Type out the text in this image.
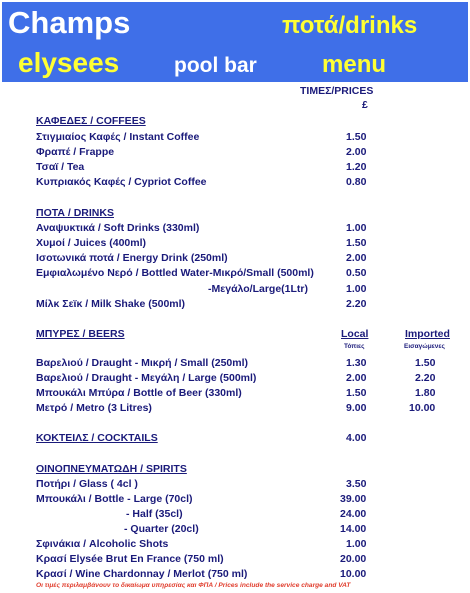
Champs
elysees	pool bar
ποτά/drinks
menu
TIMEΣ/PRICES
£
ΚΑΦΕΔΕΣ / COFFEES
Στιγμιαίος Καφές / Instant Coffee	1.50
Φραπέ / Frappe	2.00
Τσαϊ / Tea	1.20
Κυπριακός Καφές / Cypriot Coffee	0.80
ΠΟΤΑ / DRINKS
Αναψυκτικά / Soft Drinks (330ml)	1.00
Χυμοί / Juices (400ml)	1.50
Ισοτωνικά ποτά / Energy Drink (250ml)	2.00
Εμφιαλωμένο Νερό / Bottled Water-Μικρό/Small (500ml)	0.50
-Μεγάλο/Large(1Ltr)	1.00
Μίλκ Σεϊκ / Milk Shake (500ml)	2.20
ΜΠΥΡΕΣ / BEERS	Local	Imported
Τόπιες	Εισαγώμενες
Βαρελιού / Draught - Μικρή / Small (250ml)	1.30	1.50
Βαρελιού / Draught - Μεγάλη / Large (500ml)	2.00	2.20
Μπουκάλι Μπύρα / Bottle of Beer (330ml)	1.50	1.80
Μετρό / Metro (3 Litres)	9.00	10.00
ΚΟΚΤΕΙΛΣ / COCKTAILS	4.00
ΟΙΝΟΠΝΕΥΜΑΤΩΔΗ / SPIRITS
Ποτήρι / Glass ( 4cl )	3.50
Μπουκάλι / Bottle - Large (70cl)	39.00
- Half (35cl)	24.00
- Quarter (20cl)	14.00
Σφινάκια / Alcoholic Shots	1.00
Κρασί Elysée Brut En France (750 ml)	20.00
Κρασί / Wine Chardonnay / Merlot (750 ml)	10.00
Οι τιμές περιλαμβάνουν το δικαίωμα υπηρεσίας και ΦΠΑ / Prices include the service charge and VAT
